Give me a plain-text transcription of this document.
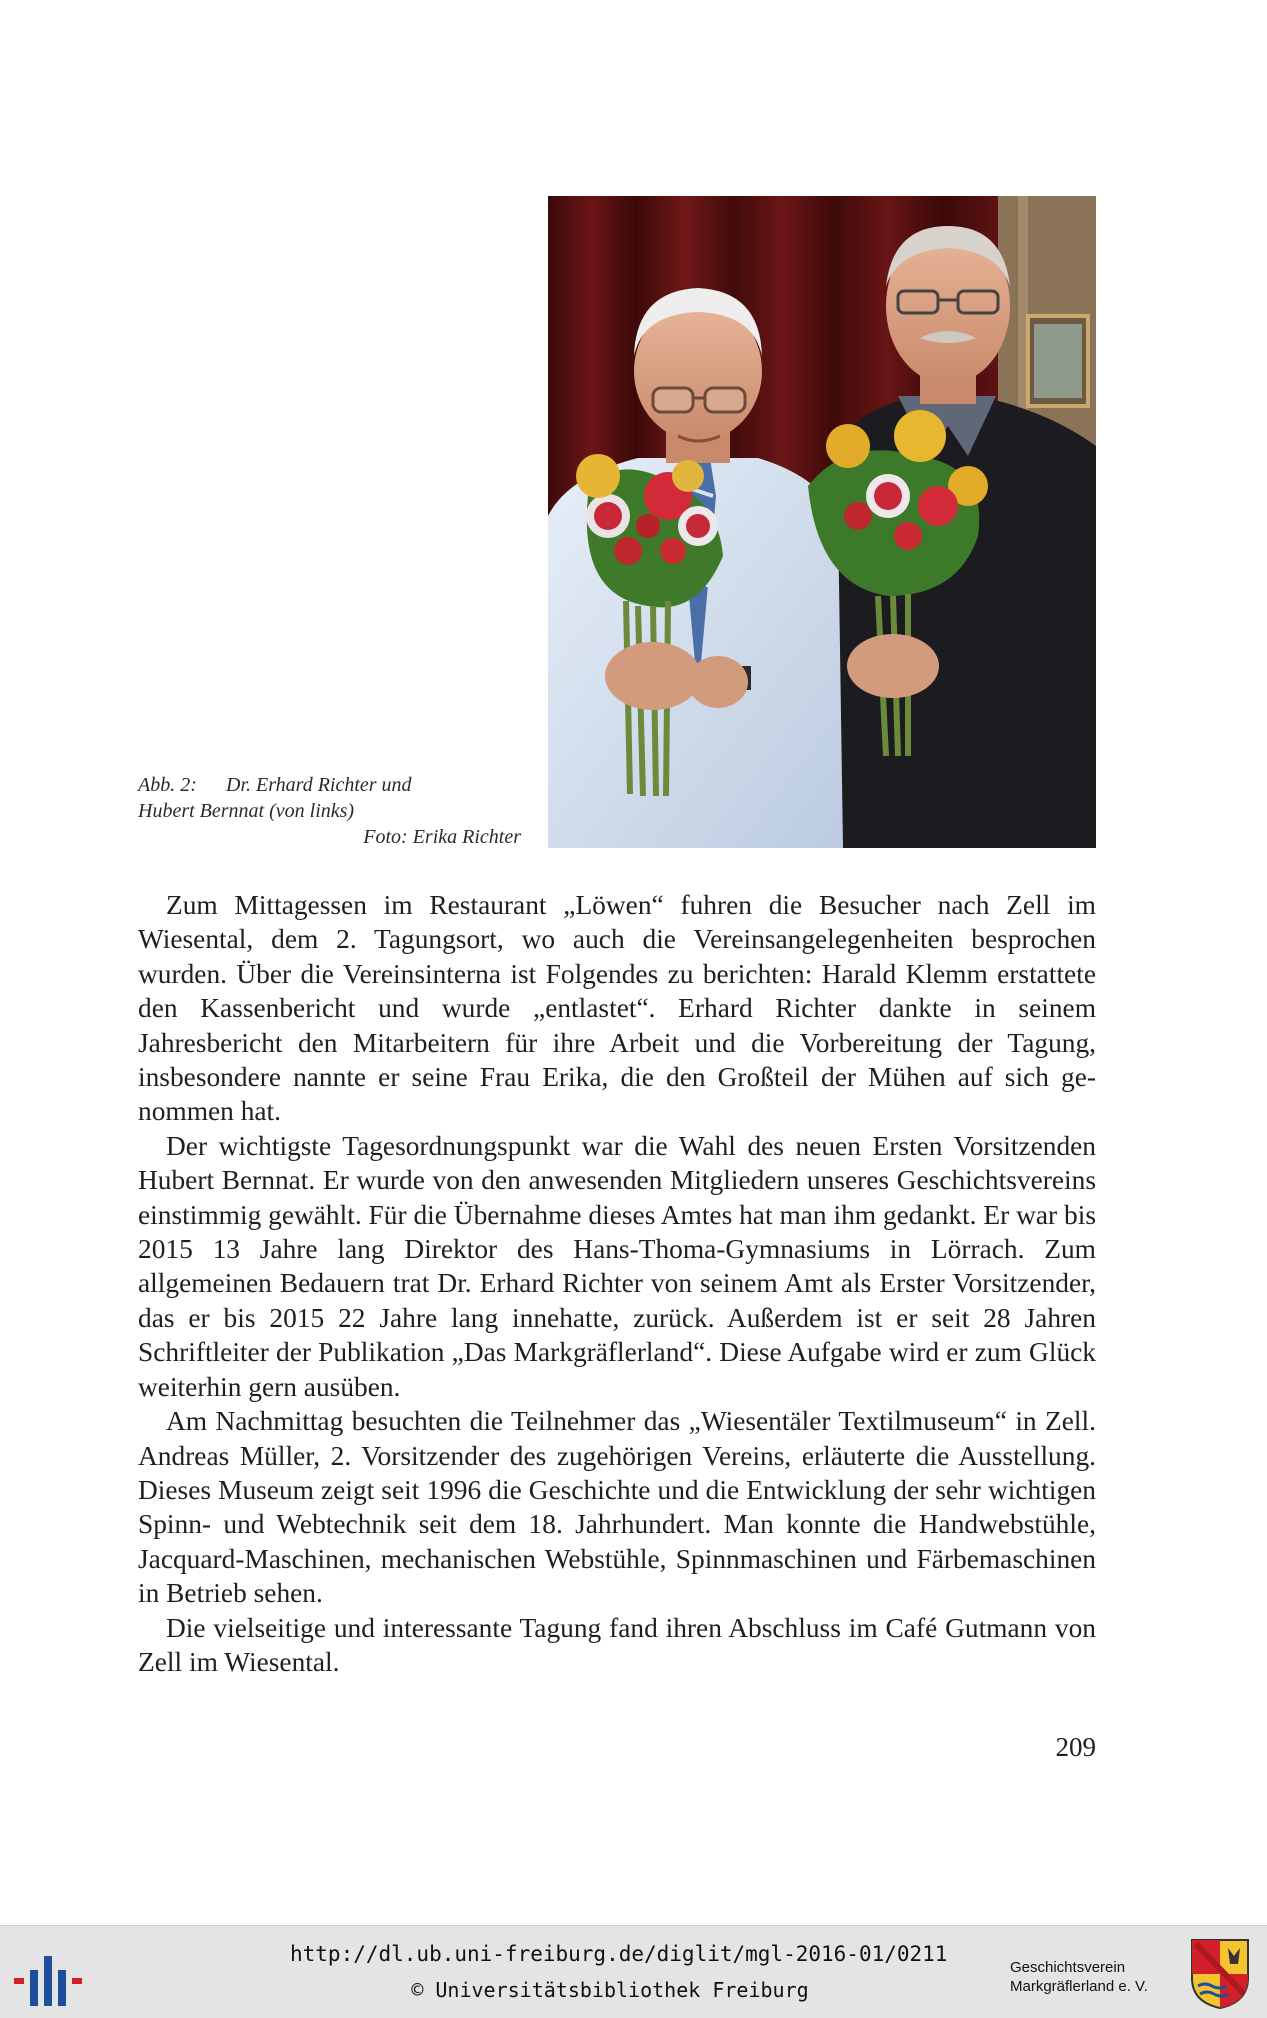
Abb. 2: Dr. Erhard Richter und
Hubert Bernnat (von links)
Foto: Erika Richter

Zum Mittagessen im Restaurant „Löwen“ fuhren die Besucher nach Zell im Wiesental, dem 2. Tagungsort, wo auch die Vereinsangelegenheiten besprochen wurden. Über die Vereinsinterna ist Folgendes zu berichten: Harald Klemm erstattete den Kassenbericht und wurde „entlastet“. Erhard Richter dankte in seinem Jahresbericht den Mitarbeitern für ihre Arbeit und die Vorbereitung der Tagung, insbesondere nannte er seine Frau Erika, die den Großteil der Mühen auf sich genommen hat.

Der wichtigste Tagesordnungspunkt war die Wahl des neuen Ersten Vorsitzenden Hubert Bernnat. Er wurde von den anwesenden Mitgliedern unseres Geschichtsvereins einstimmig gewählt. Für die Übernahme dieses Amtes hat man ihm gedankt. Er war bis 2015 13 Jahre lang Direktor des Hans-Thoma-Gymnasiums in Lörrach. Zum allgemeinen Bedauern trat Dr. Erhard Richter von seinem Amt als Erster Vorsitzender, das er bis 2015 22 Jahre lang innehatte, zurück. Außerdem ist er seit 28 Jahren Schriftleiter der Publikation „Das Markgräflerland“. Diese Aufgabe wird er zum Glück weiterhin gern ausüben.

Am Nachmittag besuchten die Teilnehmer das „Wiesentäler Textilmuseum“ in Zell. Andreas Müller, 2. Vorsitzender des zugehörigen Vereins, erläuterte die Ausstellung. Dieses Museum zeigt seit 1996 die Geschichte und die Entwicklung der sehr wichtigen Spinn- und Webtechnik seit dem 18. Jahrhundert. Man konnte die Handwebstühle, Jacquard-Maschinen, mechanischen Webstühle, Spinnmaschinen und Färbemaschinen in Betrieb sehen.

Die vielseitige und interessante Tagung fand ihren Abschluss im Café Gutmann von Zell im Wiesental.

209
http://dl.ub.uni-freiburg.de/diglit/mgl-2016-01/0211
© Universitätsbibliothek Freiburg
Geschichtsverein
Markgräflerland e. V.
